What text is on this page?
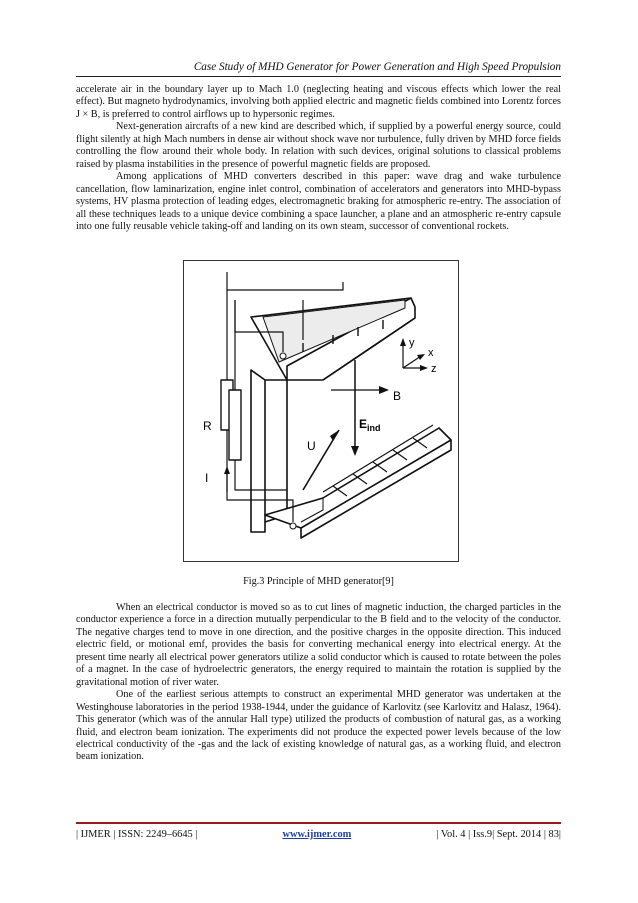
Case Study of MHD Generator for Power Generation and High Speed Propulsion

accelerate air in the boundary layer up to Mach 1.0 (neglecting heating and viscous effects which lower the real effect). But magneto hydrodynamics, involving both applied electric and magnetic fields combined into Lorentz forces J × B, is preferred to control airflows up to hypersonic regimes.

Next-generation aircrafts of a new kind are described which, if supplied by a powerful energy source, could flight silently at high Mach numbers in dense air without shock wave nor turbulence, fully driven by MHD force fields controlling the flow around their whole body. In relation with such devices, original solutions to classical problems raised by plasma instabilities in the presence of powerful magnetic fields are proposed.

Among applications of MHD converters described in this paper: wave drag and wake turbulence cancellation, flow laminarization, engine inlet control, combination of accelerators and generators into MHD-bypass systems, HV plasma protection of leading edges, electromagnetic braking for atmospheric re-entry. The association of all these techniques leads to a unique device combining a space launcher, a plane and an atmospheric re-entry capsule into one fully reusable vehicle taking-off and landing on its own steam, successor of conventional rockets.

R
I
U
$E_{ind}$
B
y
x
z
Fig.3 Principle of MHD generator[9]

When an electrical conductor is moved so as to cut lines of magnetic induction, the charged particles in the conductor experience a force in a direction mutually perpendicular to the B field and to the velocity of the conductor. The negative charges tend to move in one direction, and the positive charges in the opposite direction. This induced electric field, or motional emf, provides the basis for converting mechanical energy into electrical energy. At the present time nearly all electrical power generators utilize a solid conductor which is caused to rotate between the poles of a magnet. In the case of hydroelectric generators, the energy required to maintain the rotation is supplied by the gravitational motion of river water.

One of the earliest serious attempts to construct an experimental MHD generator was undertaken at the Westinghouse laboratories in the period 1938-1944, under the guidance of Karlovitz (see Karlovitz and Halasz, 1964). This generator (which was of the annular Hall type) utilized the products of combustion of natural gas, as a working fluid, and electron beam ionization. The experiments did not produce the expected power levels because of the low electrical conductivity of the -gas and the lack of existing knowledge of natural gas, as a working fluid, and electron beam ionization.

| IJMER | ISSN: 2249–6645 |	www.ijmer.com	| Vol. 4 | Iss.9| Sept. 2014 | 83|
